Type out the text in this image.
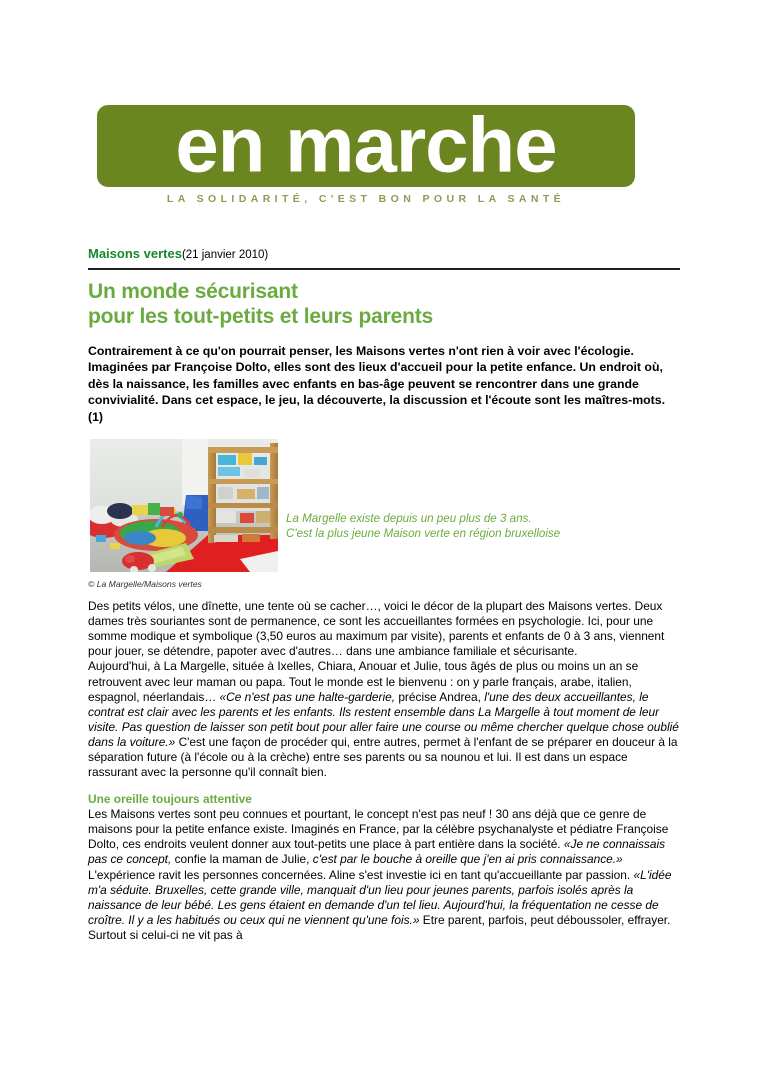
en marche
LA SOLIDARITÉ, C'EST BON POUR LA SANTÉ
Maisons vertes(21 janvier 2010)
Un monde sécurisant
pour les tout-petits et leurs parents

Contrairement à ce qu'on pourrait penser, les Maisons vertes n'ont rien à voir avec l'écologie. Imaginées par Françoise Dolto, elles sont des lieux d'accueil pour la petite enfance. Un endroit où, dès la naissance, les familles avec enfants en bas-âge peuvent se rencontrer dans une grande convivialité. Dans cet espace, le jeu, la découverte, la discussion et l'écoute sont les maîtres-mots. (1)

La Margelle existe depuis un peu plus de 3 ans.
C'est la plus jeune Maison verte en région bruxelloise
© La Margelle/Maisons vertes

Des petits vélos, une dînette, une tente où se cacher…, voici le décor de la plupart des Maisons vertes. Deux dames très souriantes sont de permanence, ce sont les accueillantes formées en psychologie. Ici, pour une somme modique et symbolique (3,50 euros au maximum par visite), parents et enfants de 0 à 3 ans, viennent pour jouer, se détendre, papoter avec d'autres… dans une ambiance familiale et sécurisante.

Aujourd'hui, à La Margelle, située à Ixelles, Chiara, Anouar et Julie, tous âgés de plus ou moins un an se retrouvent avec leur maman ou papa. Tout le monde est le bienvenu : on y parle français, arabe, italien, espagnol, néerlandais… «Ce n'est pas une halte-garderie, précise Andrea, l'une des deux accueillantes, le contrat est clair avec les parents et les enfants. Ils restent ensemble dans La Margelle à tout moment de leur visite. Pas question de laisser son petit bout pour aller faire une course ou même chercher quelque chose oublié dans la voiture.» C'est une façon de procéder qui, entre autres, permet à l'enfant de se préparer en douceur à la séparation future (à l'école ou à la crèche) entre ses parents ou sa nounou et lui. Il est dans un espace rassurant avec la personne qu'il connaît bien.

Une oreille toujours attentive

Les Maisons vertes sont peu connues et pourtant, le concept n'est pas neuf ! 30 ans déjà que ce genre de maisons pour la petite enfance existe. Imaginés en France, par la célèbre psychanalyste et pédiatre Françoise Dolto, ces endroits veulent donner aux tout-petits une place à part entière dans la société. «Je ne connaissais pas ce concept, confie la maman de Julie, c'est par le bouche à oreille que j'en ai pris connaissance.» L'expérience ravit les personnes concernées. Aline s'est investie ici en tant qu'accueillante par passion. «L'idée m'a séduite. Bruxelles, cette grande ville, manquait d'un lieu pour jeunes parents, parfois isolés après la naissance de leur bébé. Les gens étaient en demande d'un tel lieu. Aujourd'hui, la fréquentation ne cesse de croître. Il y a les habitués ou ceux qui ne viennent qu'une fois.» Etre parent, parfois, peut déboussoler, effrayer. Surtout si celui-ci ne vit pas à
